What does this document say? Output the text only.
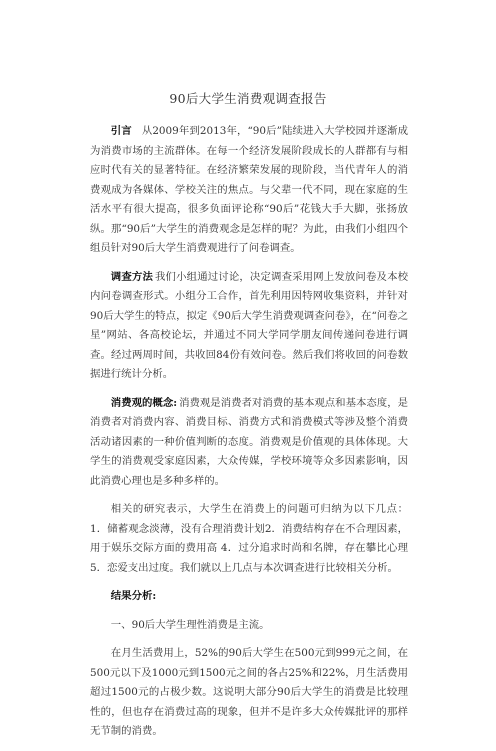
90后大学生消费观调查报告

引言 从2009年到2013年，“90后”陆续进入大学校园并逐渐成为消费市场的主流群体。在每一个经济发展阶段成长的人群都有与相应时代有关的显著特征。在经济繁荣发展的现阶段，当代青年人的消费观成为各媒体、学校关注的焦点。与父辈一代不同，现在家庭的生活水平有很大提高，很多负面评论称“90后”花钱大手大脚，张扬放纵。那“90后”大学生的消费观念是怎样的呢？为此，由我们小组四个组员针对90后大学生消费观进行了问卷调查。

调查方法 我们小组通过讨论，决定调查采用网上发放问卷及本校内问卷调查形式。小组分工合作，首先利用因特网收集资料，并针对90后大学生的特点，拟定《90后大学生消费观调查问卷》，在“问卷之星”网站、各高校论坛，并通过不同大学同学朋友间传递问卷进行调查。经过两周时间，共收回84份有效问卷。然后我们将收回的问卷数据进行统计分析。

消费观的概念: 消费观是消费者对消费的基本观点和基本态度，是消费者对消费内容、消费目标、消费方式和消费模式等涉及整个消费活动诸因素的一种价值判断的态度。消费观是价值观的具体体现。大学生的消费观受家庭因素，大众传媒，学校环境等众多因素影响，因此消费心理也是多种多样的。

相关的研究表示，大学生在消费上的问题可归纳为以下几点：1．储蓄观念淡薄，没有合理消费计划2．消费结构存在不合理因素，用于娱乐交际方面的费用高 4．过分追求时尚和名牌，存在攀比心理 5．恋爱支出过度。我们就以上几点与本次调查进行比较相关分析。

结果分析:

一、90后大学生理性消费是主流。

在月生活费用上，52%的90后大学生在500元到999元之间，在500元以下及1000元到1500元之间的各占25%和22%，月生活费用超过1500元的占极少数。这说明大部分90后大学生的消费是比较理性的，但也存在消费过高的现象，但并不是许多大众传媒批评的那样无节制的消费。
